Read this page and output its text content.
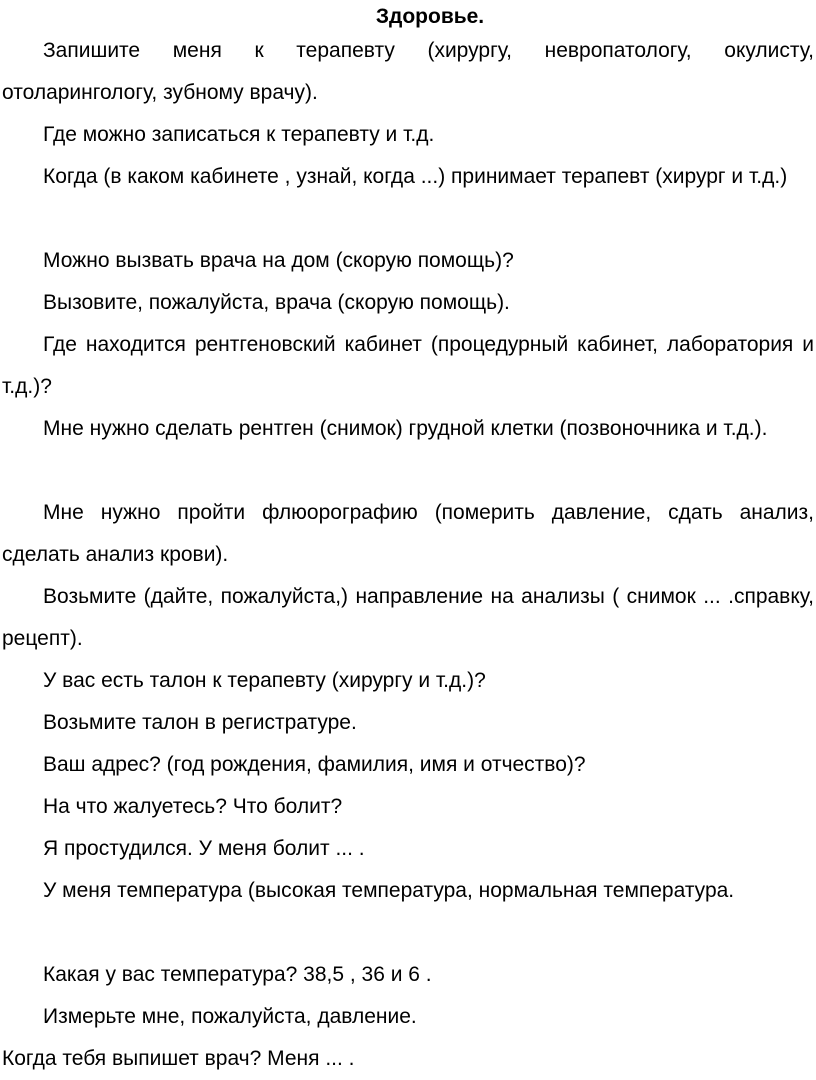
Здоровье.

Запишите меня к терапевту (хирургу, невропатологу, окулисту, отоларингологу, зубному врачу).

Где можно записаться к терапевту и т.д.

Когда (в каком кабинете , узнай, когда ...) принимает терапевт (хирург и т.д.)

Можно вызвать врача на дом (скорую помощь)?

Вызовите, пожалуйста, врача (скорую помощь).

Где находится рентгеновский кабинет (процедурный кабинет, лаборатория и т.д.)?

Мне нужно сделать рентген (снимок) грудной клетки (позвоночника и т.д.).

Мне нужно пройти флюорографию (померить давление, сдать анализ, сделать анализ крови).

Возьмите (дайте, пожалуйста,) направление на анализы ( снимок ... .справку, рецепт).

У вас есть талон к терапевту (хирургу и т.д.)?

Возьмите талон в регистратуре.

Ваш адрес? (год рождения, фамилия, имя и отчество)?

На что жалуетесь? Что болит?

Я простудился. У меня болит ... .

У меня температура (высокая температура, нормальная температура.

Какая у вас температура? 38,5 , 36 и 6 .

Измерьте мне, пожалуйста, давление.

Когда тебя выпишет врач? Меня ... .
